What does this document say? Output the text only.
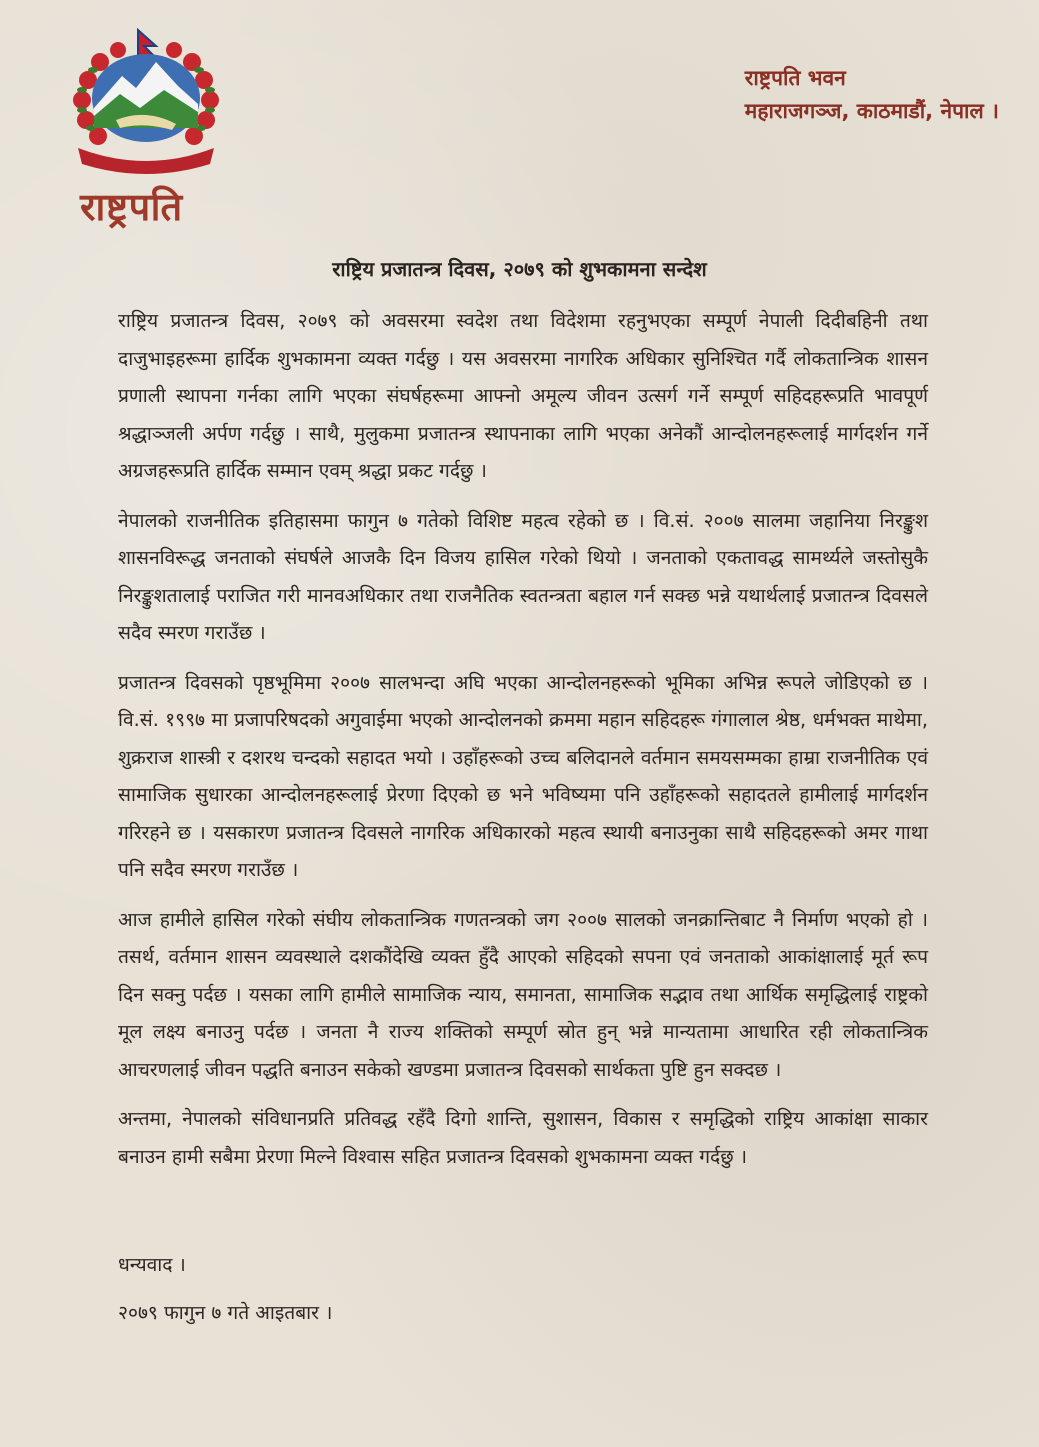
राष्ट्रपति
राष्ट्रपति भवन
महाराजगञ्ज, काठमाडौं, नेपाल ।
राष्ट्रिय प्रजातन्त्र दिवस, २०७९ को शुभकामना सन्देश

राष्ट्रिय प्रजातन्त्र दिवस, २०७९ को अवसरमा स्वदेश तथा विदेशमा रहनुभएका सम्पूर्ण नेपाली दिदीबहिनी तथा दाजुभाइहरूमा हार्दिक शुभकामना व्यक्त गर्दछु । यस अवसरमा नागरिक अधिकार सुनिश्चित गर्दै लोकतान्त्रिक शासन प्रणाली स्थापना गर्नका लागि भएका संघर्षहरूमा आफ्नो अमूल्य जीवन उत्सर्ग गर्ने सम्पूर्ण सहिदहरूप्रति भावपूर्ण श्रद्धाञ्जली अर्पण गर्दछु । साथै, मुलुकमा प्रजातन्त्र स्थापनाका लागि भएका अनेकौं आन्दोलनहरूलाई मार्गदर्शन गर्ने अग्रजहरूप्रति हार्दिक सम्मान एवम् श्रद्धा प्रकट गर्दछु ।

नेपालको राजनीतिक इतिहासमा फागुन ७ गतेको विशिष्ट महत्व रहेको छ । वि.सं. २००७ सालमा जहानिया निरङ्कुश शासनविरूद्ध जनताको संघर्षले आजकै दिन विजय हासिल गरेको थियो । जनताको एकतावद्ध सामर्थ्यले जस्तोसुकै निरङ्कुशतालाई पराजित गरी मानवअधिकार तथा राजनैतिक स्वतन्त्रता बहाल गर्न सक्छ भन्ने यथार्थलाई प्रजातन्त्र दिवसले सदैव स्मरण गराउँछ ।

प्रजातन्त्र दिवसको पृष्ठभूमिमा २००७ सालभन्दा अघि भएका आन्दोलनहरूको भूमिका अभिन्न रूपले जोडिएको छ । वि.सं. १९९७ मा प्रजापरिषदको अगुवाईमा भएको आन्दोलनको क्रममा महान सहिदहरू गंगालाल श्रेष्ठ, धर्मभक्त माथेमा, शुक्रराज शास्त्री र दशरथ चन्दको सहादत भयो । उहाँहरूको उच्च बलिदानले वर्तमान समयसम्मका हाम्रा राजनीतिक एवं सामाजिक सुधारका आन्दोलनहरूलाई प्रेरणा दिएको छ भने भविष्यमा पनि उहाँहरूको सहादतले हामीलाई मार्गदर्शन गरिरहने छ । यसकारण प्रजातन्त्र दिवसले नागरिक अधिकारको महत्व स्थायी बनाउनुका साथै सहिदहरूको अमर गाथा पनि सदैव स्मरण गराउँछ ।

आज हामीले हासिल गरेको संघीय लोकतान्त्रिक गणतन्त्रको जग २००७ सालको जनक्रान्तिबाट नै निर्माण भएको हो । तसर्थ, वर्तमान शासन व्यवस्थाले दशकौंदेखि व्यक्त हुँदै आएको सहिदको सपना एवं जनताको आकांक्षालाई मूर्त रूप दिन सक्नु पर्दछ । यसका लागि हामीले सामाजिक न्याय, समानता, सामाजिक सद्भाव तथा आर्थिक समृद्धिलाई राष्ट्रको मूल लक्ष्य बनाउनु पर्दछ । जनता नै राज्य शक्तिको सम्पूर्ण स्रोत हुन् भन्ने मान्यतामा आधारित रही लोकतान्त्रिक आचरणलाई जीवन पद्धति बनाउन सकेको खण्डमा प्रजातन्त्र दिवसको सार्थकता पुष्टि हुन सक्दछ ।

अन्तमा, नेपालको संविधानप्रति प्रतिवद्ध रहँदै दिगो शान्ति, सुशासन, विकास र समृद्धिको राष्ट्रिय आकांक्षा साकार बनाउन हामी सबैमा प्रेरणा मिल्ने विश्वास सहित प्रजातन्त्र दिवसको शुभकामना व्यक्त गर्दछु ।

धन्यवाद ।
२०७९ फागुन ७ गते आइतबार ।
